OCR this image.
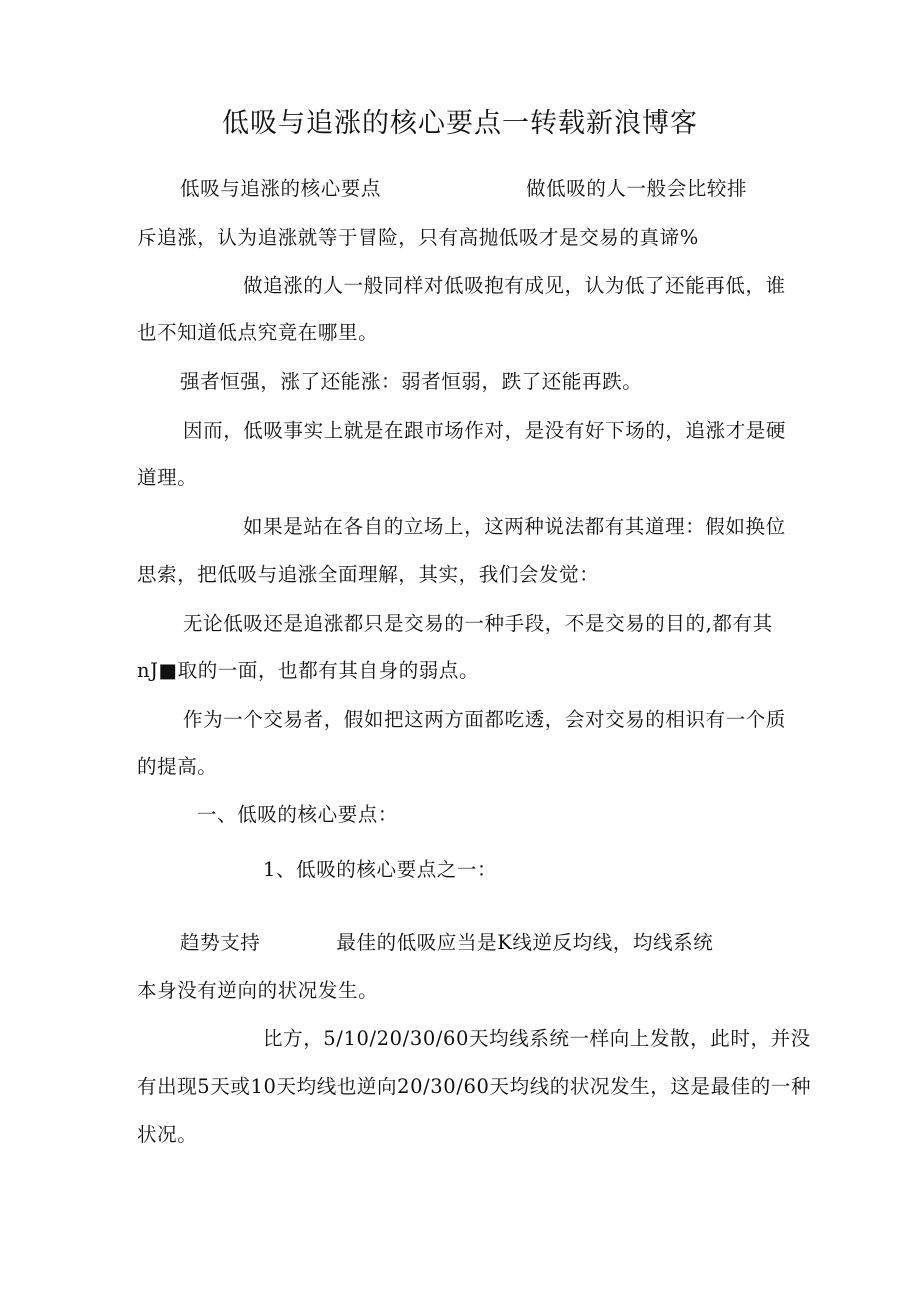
低吸与追涨的核心要点一转载新浪博客
低吸与追涨的核心要点	做低吸的人一般会比较排
斥追涨，认为追涨就等于冒险，只有高抛低吸才是交易的真谛%
做追涨的人一般同样对低吸抱有成见，认为低了还能再低，谁
也不知道低点究竟在哪里。
强者恒强，涨了还能涨：弱者恒弱，跌了还能再跌。
因而，低吸事实上就是在跟市场作对，是没有好下场的，追涨才是硬
道理。
如果是站在各自的立场上，这两种说法都有其道理：假如换位
思索，把低吸与追涨全面理解，其实，我们会发觉：
无论低吸还是追涨都只是交易的一种手段，不是交易的目的,都有其
nJ■取的一面，也都有其自身的弱点。
作为一个交易者，假如把这两方面都吃透，会对交易的相识有一个质
的提高。
一、低吸的核心要点：
1、低吸的核心要点之一：
趋势支持	最佳的低吸应当是K线逆反均线，均线系统
本身没有逆向的状况发生。
比方，5/10/20/30/60天均线系统一样向上发散，此时，并没
有出现5天或10天均线也逆向20/30/60天均线的状况发生，这是最佳的一种
状况。
